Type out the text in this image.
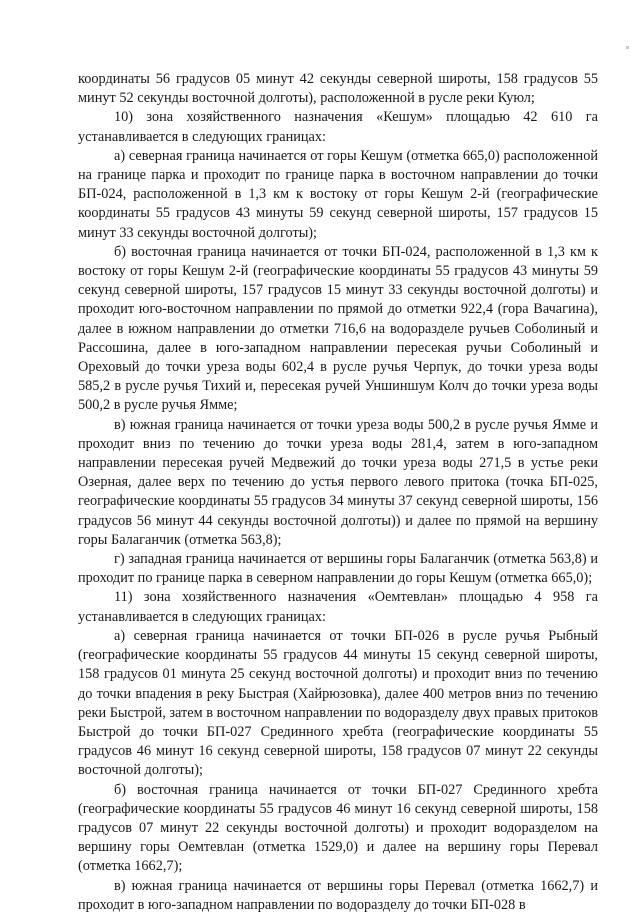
координаты 56 градусов 05 минут 42 секунды северной широты, 158 градусов 55 минут 52 секунды восточной долготы), расположенной в русле реки Куюл;

10) зона хозяйственного назначения «Кешум» площадью 42 610 га устанавливается в следующих границах:

а) северная граница начинается от горы Кешум (отметка 665,0) расположенной на границе парка и проходит по границе парка в восточном направлении до точки БП-024, расположенной в 1,3 км к востоку от горы Кешум 2-й (географические координаты 55 градусов 43 минуты 59 секунд северной широты, 157 градусов 15 минут 33 секунды восточной долготы);

б) восточная граница начинается от точки БП-024, расположенной в 1,3 км к востоку от горы Кешум 2-й (географические координаты 55 градусов 43 минуты 59 секунд северной широты, 157 градусов 15 минут 33 секунды восточной долготы) и проходит юго-восточном направлении по прямой до отметки 922,4 (гора Вачагина), далее в южном направлении до отметки 716,6 на водоразделе ручьев Соболиный и Рассошина, далее в юго-западном направлении пересекая ручьи Соболиный и Ореховый до точки уреза воды 602,4 в русле ручья Черпук, до точки уреза воды 585,2 в русле ручья Тихий и, пересекая ручей Уншиншум Колч до точки уреза воды 500,2 в русле ручья Ямме;

в) южная граница начинается от точки уреза воды 500,2 в русле ручья Ямме и проходит вниз по течению до точки уреза воды 281,4, затем в юго-западном направлении пересекая ручей Медвежий до точки уреза воды 271,5 в устье реки Озерная, далее верх по течению до устья первого левого притока (точка БП-025, географические координаты 55 градусов 34 минуты 37 секунд северной широты, 156 градусов 56 минут 44 секунды восточной долготы)) и далее по прямой на вершину горы Балаганчик (отметка 563,8);

г) западная граница начинается от вершины горы Балаганчик (отметка 563,8) и проходит по границе парка в северном направлении до горы Кешум (отметка 665,0);

11) зона хозяйственного назначения «Оемтевлан» площадью 4 958 га устанавливается в следующих границах:

а) северная граница начинается от точки БП-026 в русле ручья Рыбный (географические координаты 55 градусов 44 минуты 15 секунд северной широты, 158 градусов 01 минута 25 секунд восточной долготы) и проходит вниз по течению до точки впадения в реку Быстрая (Хайрюзовка), далее 400 метров вниз по течению реки Быстрой, затем в восточном направлении по водоразделу двух правых притоков Быстрой до точки БП-027 Срединного хребта (географические координаты 55 градусов 46 минут 16 секунд северной широты, 158 градусов 07 минут 22 секунды восточной долготы);

б) восточная граница начинается от точки БП-027 Срединного хребта (географические координаты 55 градусов 46 минут 16 секунд северной широты, 158 градусов 07 минут 22 секунды восточной долготы) и проходит водоразделом на вершину горы Оемтевлан (отметка 1529,0) и далее на вершину горы Перевал (отметка 1662,7);

в) южная граница начинается от вершины горы Перевал (отметка 1662,7) и проходит в юго-западном направлении по водоразделу до точки БП-028 в
